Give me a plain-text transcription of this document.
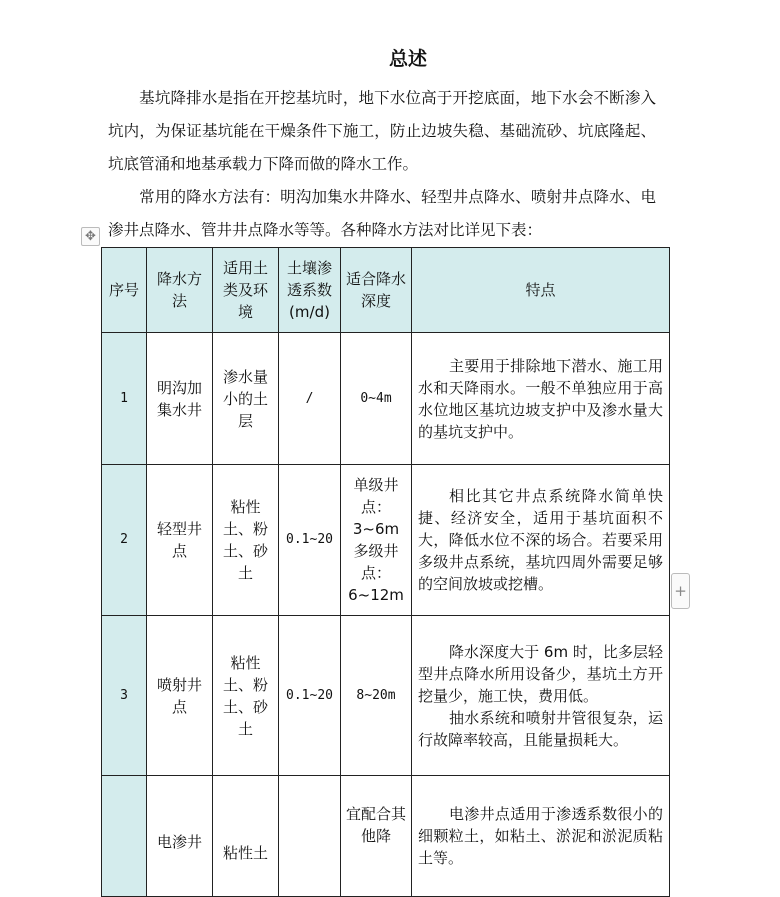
总述

基坑降排水是指在开挖基坑时，地下水位高于开挖底面，地下水会不断渗入坑内，为保证基坑能在干燥条件下施工，防止边坡失稳、基础流砂、坑底隆起、坑底管涌和地基承载力下降而做的降水工作。

常用的降水方法有：明沟加集水井降水、轻型井点降水、喷射井点降水、电渗井点降水、管井井点降水等等。各种降水方法对比详见下表：

✥
+
序号	降水方法	适用土类及环境	土壤渗透系数(m/d)	适合降水深度	特点
1	明沟加集水井	渗水量小的土层	/	0~4m	主要用于排除地下潜水、施工用水和天降雨水。一般不单独应用于高水位地区基坑边坡支护中及渗水量大的基坑支护中。

2	轻型井点	粘性土、粉土、砂土	0.1~20	单级井点：3~6m 多级井点：6~12m	相比其它井点系统降水简单快捷、经济安全，适用于基坑面积不大，降低水位不深的场合。若要采用多级井点系统，基坑四周外需要足够的空间放坡或挖槽。

3	喷射井点	粘性土、粉土、砂土	0.1~20	8~20m	降水深度大于 6m 时，比多层轻型井点降水所用设备少，基坑土方开挖量少，施工快，费用低。
抽水系统和喷射井管很复杂，运行故障率较高，且能量损耗大。

	电渗井	粘性土		宜配合其他降	电渗井点适用于渗透系数很小的细颗粒土，如粘土、淤泥和淤泥质粘土等。
